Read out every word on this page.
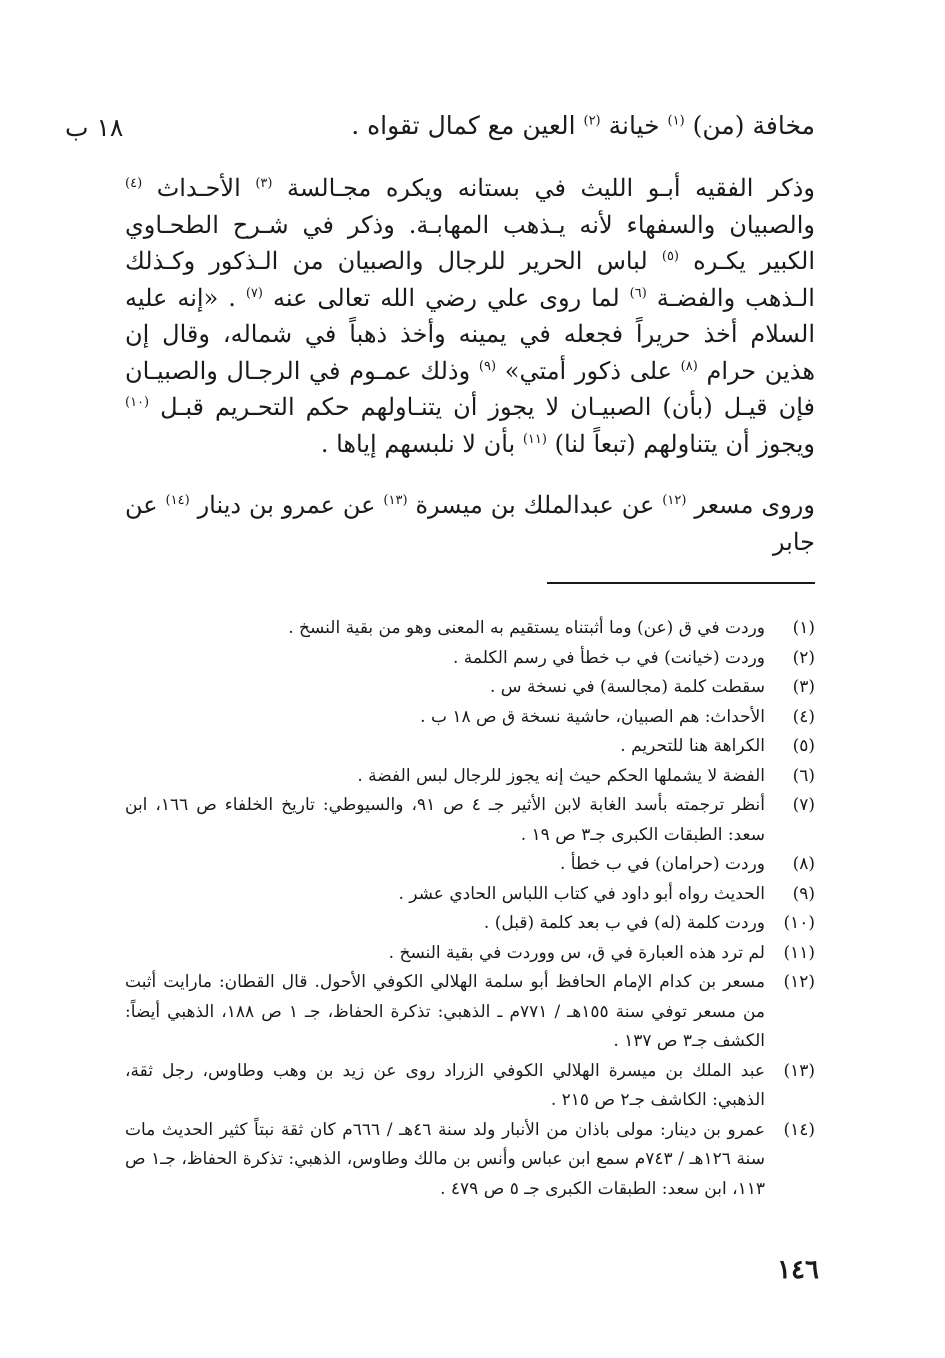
مخافة (من) $^{(١)}$ خيانة $^{(٢)}$ العين مع كمال تقواه .
١٨ ب

وذكر الفقيه أبـو الليث في بستانه ويكره مجـالسة $^{(٣)}$ الأحـداث $^{(٤)}$ والصبيان والسفهاء لأنه يـذهب المهابـة. وذكر في شـرح الطحـاوي الكبير يكـره $^{(٥)}$ لباس الحرير للرجال والصبيان من الـذكور وكـذلك الـذهب والفضـة $^{(٦)}$ لما روى علي رضي الله تعالى عنه $^{(٧)}$ . «إنه عليه السلام أخذ حريراً فجعله في يمينه وأخذ ذهباً في شماله، وقال إن هذين حرام $^{(٨)}$ على ذكور أمتي» $^{(٩)}$ وذلك عمـوم في الرجـال والصبيـان فإن قيـل (بأن) الصبيـان لا يجوز أن يتنـاولهم حكم التحـريم قبـل $^{(١٠)}$ ويجوز أن يتناولهم (تبعاً لنا) $^{(١١)}$ بأن لا نلبسهم إياها .

وروى مسعر $^{(١٢)}$ عن عبدالملك بن ميسرة $^{(١٣)}$ عن عمرو بن دينار $^{(١٤)}$ عن جابر

(١)
وردت في ق (عن) وما أثبتناه يستقيم به المعنى وهو من بقية النسخ .
(٢)
وردت (خيانت) في ب خطأ في رسم الكلمة .
(٣)
سقطت كلمة (مجالسة) في نسخة س .
(٤)
الأحداث: هم الصبيان، حاشية نسخة ق ص ١٨ ب .
(٥)
الكراهة هنا للتحريم .
(٦)
الفضة لا يشملها الحكم حيث إنه يجوز للرجال لبس الفضة .
(٧)
أنظر ترجمته بأسد الغابة لابن الأثير جـ ٤ ص ٩١، والسيوطي: تاريخ الخلفاء ص ١٦٦، ابن سعد: الطبقات الكبرى جـ٣ ص ١٩ .
(٨)
وردت (حرامان) في ب خطأ .
(٩)
الحديث رواه أبو داود في كتاب اللباس الحادي عشر .
(١٠)
وردت كلمة (له) في ب بعد كلمة (قبل) .
(١١)
لم ترد هذه العبارة في ق، س ووردت في بقية النسخ .
(١٢)
مسعر بن كدام الإمام الحافظ أبو سلمة الهلالي الكوفي الأحول. قال القطان: مارايت أثبت من مسعر توفي سنة ١٥٥هـ / ٧٧١م ـ الذهبي: تذكرة الحفاظ، جـ ١ ص ١٨٨، الذهبي أيضاً: الكشف جـ٣ ص ١٣٧ .
(١٣)
عبد الملك بن ميسرة الهلالي الكوفي الزراد روى عن زيد بن وهب وطاوس، رجل ثقة، الذهبي: الكاشف جـ٢ ص ٢١٥ .
(١٤)
عمرو بن دينار: مولى باذان من الأنبار ولد سنة ٤٦هـ / ٦٦٦م كان ثقة نبتاً كثير الحديث مات سنة ١٢٦هـ / ٧٤٣م سمع ابن عباس وأنس بن مالك وطاوس، الذهبي: تذكرة الحفاظ، جـ١ ص ١١٣، ابن سعد: الطبقات الكبرى جـ ٥ ص ٤٧٩ .
١٤٦
